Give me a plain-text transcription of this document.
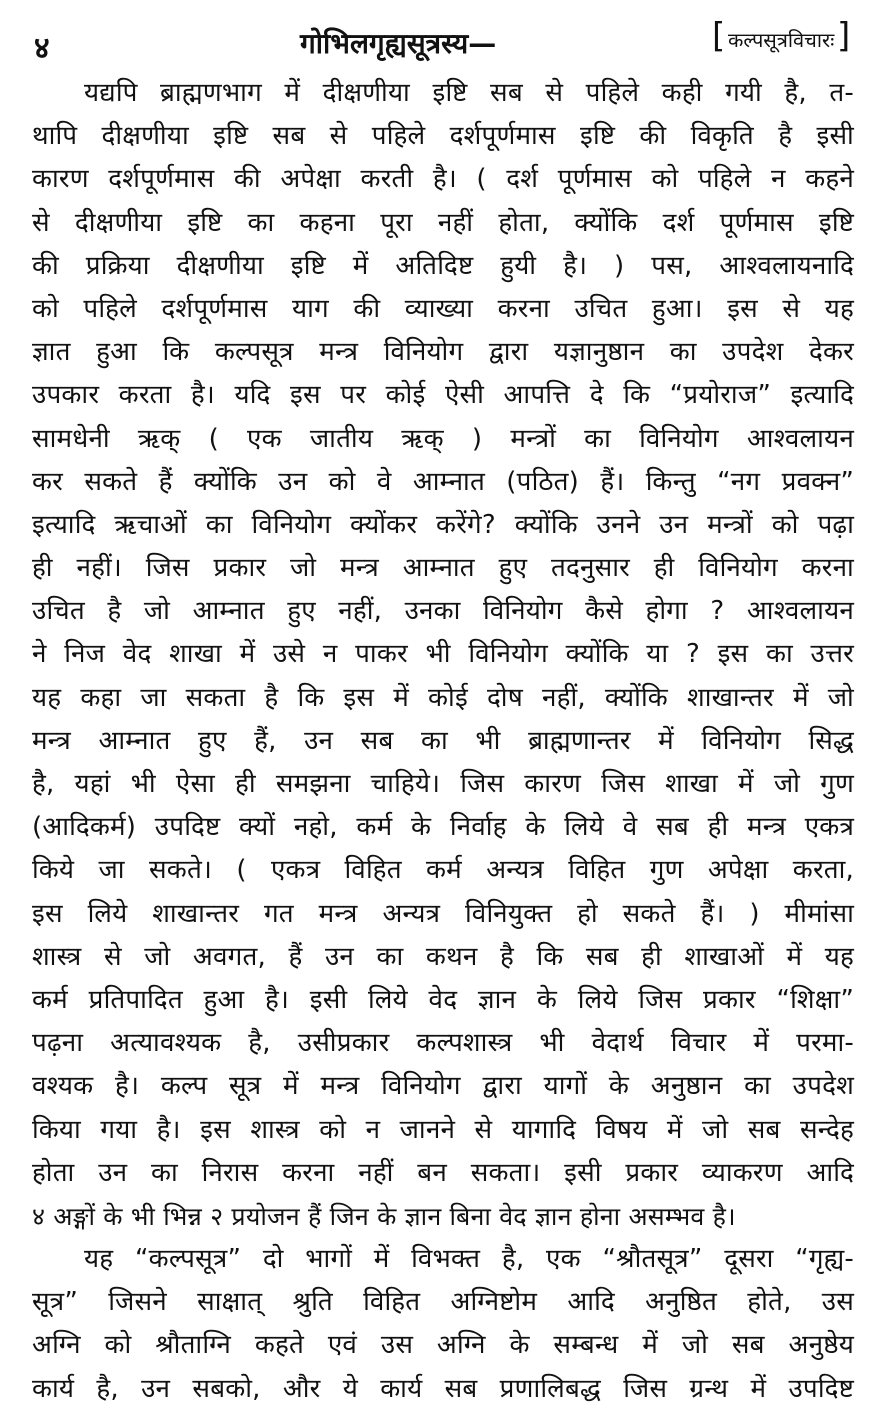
४	गोभिलगृह्यसूत्रस्य—
[	कल्पसूत्रविचारः ]
यद्यपि ब्राह्मणभाग में दीक्षणीया इष्टि सब से पहिले कही गयी है, त-
थापि दीक्षणीया इष्टि सब से पहिले दर्शपूर्णमास इष्टि की विकृति है इसी
कारण दर्शपूर्णमास की अपेक्षा करती है। ( दर्श पूर्णमास को पहिले न कहने
से दीक्षणीया इष्टि का कहना पूरा नहीं होता, क्योंकि दर्श पूर्णमास इष्टि
की प्रक्रिया दीक्षणीया इष्टि में अतिदिष्ट हुयी है। ) पस, आश्वलायनादि
को पहिले दर्शपूर्णमास याग की व्याख्या करना उचित हुआ। इस से यह
ज्ञात हुआ कि कल्पसूत्र मन्त्र विनियोग द्वारा यज्ञानुष्ठान का उपदेश देकर
उपकार करता है। यदि इस पर कोई ऐसी आपत्ति दे कि “प्रयोराज” इत्यादि
सामधेनी ऋक् ( एक जातीय ऋक् ) मन्त्रों का विनियोग आश्वलायन
कर सकते हैं क्योंकि उन को वे आम्नात (पठित) हैं। किन्तु “नग प्रवक्न”
इत्यादि ऋचाओं का विनियोग क्योंकर करेंगे? क्योंकि उनने उन मन्त्रों को पढ़ा
ही नहीं। जिस प्रकार जो मन्त्र आम्नात हुए तदनुसार ही विनियोग करना
उचित है जो आम्नात हुए नहीं, उनका विनियोग कैसे होगा ? आश्वलायन
ने निज वेद शाखा में उसे न पाकर भी विनियोग क्योंकि या ? इस का उत्तर
यह कहा जा सकता है कि इस में कोई दोष नहीं, क्योंकि शाखान्तर में जो
मन्त्र आम्नात हुए हैं, उन सब का भी ब्राह्मणान्तर में विनियोग सिद्ध
है, यहां भी ऐसा ही समझना चाहिये। जिस कारण जिस शाखा में जो गुण
(आदिकर्म) उपदिष्ट क्यों नहो, कर्म के निर्वाह के लिये वे सब ही मन्त्र एकत्र
किये जा सकते। ( एकत्र विहित कर्म अन्यत्र विहित गुण अपेक्षा करता,
इस लिये शाखान्तर गत मन्त्र अन्यत्र विनियुक्त हो सकते हैं। ) मीमांसा
शास्त्र से जो अवगत, हैं उन का कथन है कि सब ही शाखाओं में यह
कर्म प्रतिपादित हुआ है। इसी लिये वेद ज्ञान के लिये जिस प्रकार “शिक्षा”
पढ़ना अत्यावश्यक है, उसीप्रकार कल्पशास्त्र भी वेदार्थ विचार में परमा-
वश्यक है। कल्प सूत्र में मन्त्र विनियोग द्वारा यागों के अनुष्ठान का उपदेश
किया गया है। इस शास्त्र को न जानने से यागादि विषय में जो सब सन्देह
होता उन का निरास करना नहीं बन सकता। इसी प्रकार व्याकरण आदि
४ अङ्गों के भी भिन्न २ प्रयोजन हैं जिन के ज्ञान बिना वेद ज्ञान होना असम्भव है।
यह “कल्पसूत्र” दो भागों में विभक्त है, एक “श्रौतसूत्र” दूसरा “गृह्य-
सूत्र” जिसने साक्षात् श्रुति विहित अग्निष्टोम आदि अनुष्ठित होते, उस
अग्नि को श्रौताग्नि कहते एवं उस अग्नि के सम्बन्ध में जो सब अनुष्ठेय
कार्य है, उन सबको, और ये कार्य सब प्रणालिबद्ध जिस ग्रन्थ में उपदिष्ट
